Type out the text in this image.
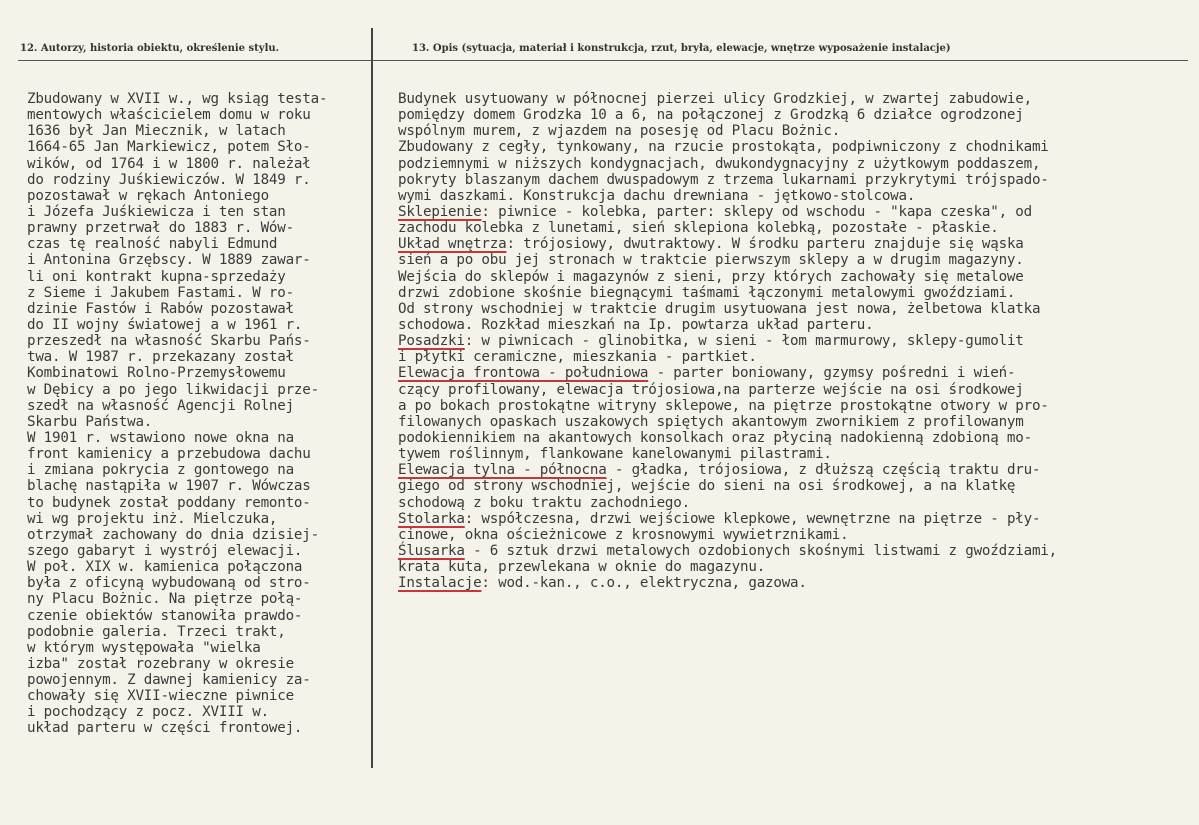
12. Autorzy, historia obiektu, określenie stylu.	13. Opis (sytuacja, materiał i konstrukcja, rzut, bryła, elewacje, wnętrze wyposażenie instalacje)
Zbudowany w XVII w., wg ksiąg testa-
mentowych właścicielem domu w roku
1636 był Jan Miecznik, w latach
1664-65 Jan Markiewicz, potem Sło-
wików, od 1764 i w 1800 r. należał
do rodziny Juśkiewiczów. W 1849 r.
pozostawał w rękach Antoniego
i Józefa Juśkiewicza i ten stan
prawny przetrwał do 1883 r. Wów-
czas tę realność nabyli Edmund
i Antonina Grzębscy. W 1889 zawar-
li oni kontrakt kupna-sprzedaży
z Sieme i Jakubem Fastami. W ro-
dzinie Fastów i Rabów pozostawał
do II wojny światowej a w 1961 r.
przeszedł na własność Skarbu Pańs-
twa. W 1987 r. przekazany został
Kombinatowi Rolno-Przemysłowemu
w Dębicy a po jego likwidacji prze-
szedł na własność Agencji Rolnej
Skarbu Państwa.
W 1901 r. wstawiono nowe okna na
front kamienicy a przebudowa dachu
i zmiana pokrycia z gontowego na
blachę nastąpiła w 1907 r. Wówczas
to budynek został poddany remonto-
wi wg projektu inż. Mielczuka,
otrzymał zachowany do dnia dzisiej-
szego gabaryt i wystrój elewacji.
W poł. XIX w. kamienica połączona
była z oficyną wybudowaną od stro-
ny Placu Bożnic. Na piętrze połą-
czenie obiektów stanowiła prawdo-
podobnie galeria. Trzeci trakt,
w którym występowała "wielka
izba" został rozebrany w okresie
powojennym. Z dawnej kamienicy za-
chowały się XVII-wieczne piwnice
i pochodzący z pocz. XVIII w.
układ parteru w części frontowej.
Budynek usytuowany w północnej pierzei ulicy Grodzkiej, w zwartej zabudowie,
pomiędzy domem Grodzka 10 a 6, na połączonej z Grodzką 6 działce ogrodzonej
wspólnym murem, z wjazdem na posesję od Placu Bożnic.
Zbudowany z cegły, tynkowany, na rzucie prostokąta, podpiwniczony z chodnikami
podziemnymi w niższych kondygnacjach, dwukondygnacyjny z użytkowym poddaszem,
pokryty blaszanym dachem dwuspadowym z trzema lukarnami przykrytymi trójspado-
wymi daszkami. Konstrukcja dachu drewniana - jętkowo-stolcowa.
Sklepienie: piwnice - kolebka, parter: sklepy od wschodu - "kapa czeska", od
zachodu kolebka z lunetami, sień sklepiona kolebką, pozostałe - płaskie.
Układ wnętrza: trójosiowy, dwutraktowy. W środku parteru znajduje się wąska
sień a po obu jej stronach w traktcie pierwszym sklepy a w drugim magazyny.
Wejścia do sklepów i magazynów z sieni, przy których zachowały się metalowe
drzwi zdobione skośnie biegnącymi taśmami łączonymi metalowymi gwoździami.
Od strony wschodniej w traktcie drugim usytuowana jest nowa, żelbetowa klatka
schodowa. Rozkład mieszkań na Ip. powtarza układ parteru.
Posadzki: w piwnicach - glinobitka, w sieni - łom marmurowy, sklepy-gumolit
i płytki ceramiczne, mieszkania - partkiet.
Elewacja frontowa - południowa - parter boniowany, gzymsy pośredni i wień-
czący profilowany, elewacja trójosiowa,na parterze wejście na osi środkowej
a po bokach prostokątne witryny sklepowe, na piętrze prostokątne otwory w pro-
filowanych opaskach uszakowych spiętych akantowym zwornikiem z profilowanym
podokiennikiem na akantowych konsolkach oraz płyciną nadokienną zdobioną mo-
tywem roślinnym, flankowane kanelowanymi pilastrami.
Elewacja tylna - północna - gładka, trójosiowa, z dłuższą częścią traktu dru-
giego od strony wschodniej, wejście do sieni na osi środkowej, a na klatkę
schodową z boku traktu zachodniego.
Stolarka: współczesna, drzwi wejściowe klepkowe, wewnętrzne na piętrze - pły-
cinowe, okna ościeżnicowe z krosnowymi wywietrznikami.
Ślusarka - 6 sztuk drzwi metalowych ozdobionych skośnymi listwami z gwoździami,
krata kuta, przewlekana w oknie do magazynu.
Instalacje: wod.-kan., c.o., elektryczna, gazowa.
